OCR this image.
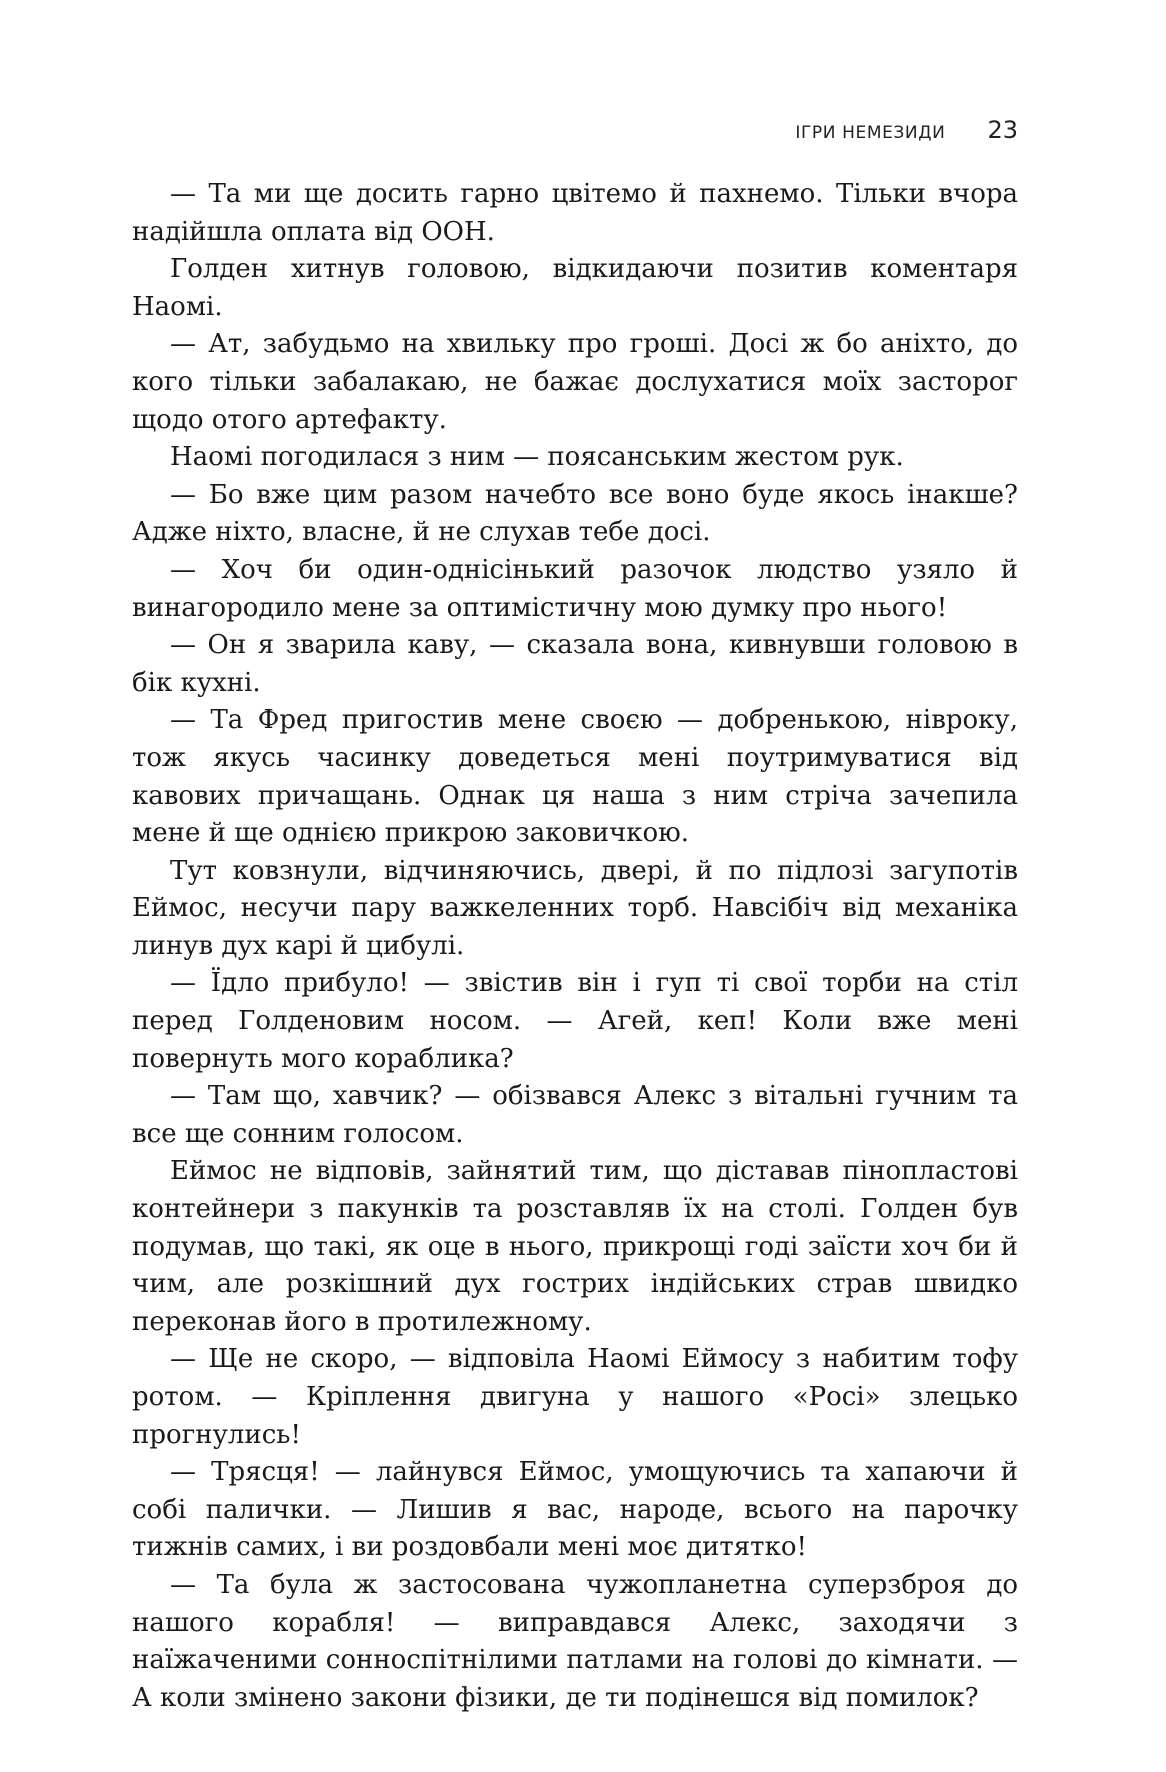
ІГРИ НЕМЕЗИДИ 23

— Та ми ще досить гарно цвітемо й пахнемо. Тільки вчора надійшла оплата від ООН.

Голден хитнув головою, відкидаючи позитив коментаря Наомі.

— Ат, забудьмо на хвильку про гроші. Досі ж бо аніхто, до кого тільки забалакаю, не бажає дослухатися моїх засторог щодо отого артефакту.

Наомі погодилася з ним — поясанським жестом рук.

— Бо вже цим разом начебто все воно буде якось інакше? Адже ніхто, власне, й не слухав тебе досі.

— Хоч би один-однісінький разочок людство узяло й винагородило мене за оптимістичну мою думку про нього!

— Он я зварила каву, — сказала вона, кивнувши головою в бік кухні.

— Та Фред пригостив мене своєю — добренькою, нівроку, тож якусь часинку доведеться мені поутримуватися від кавових причащань. Однак ця наша з ним стріча зачепила мене й ще однією прикрою заковичкою.

Тут ковзнули, відчиняючись, двері, й по підлозі загупотів Еймос, несучи пару важкеленних торб. Навсібіч від механіка линув дух карі й цибулі.

— Їдло прибуло! — звістив він і гуп ті свої торби на стіл перед Голденовим носом. — Агей, кеп! Коли вже мені повернуть мого кораблика?

— Там що, хавчик? — обізвався Алекс з вітальні гучним та все ще сонним голосом.

Еймос не відповів, зайнятий тим, що діставав пінопластові контейнери з пакунків та розставляв їх на столі. Голден був подумав, що такі, як оце в нього, прикрощі годі заїсти хоч би й чим, але розкішний дух гострих індійських страв швидко переконав його в протилежному.

— Ще не скоро, — відповіла Наомі Еймосу з набитим тофу ротом. — Кріплення двигуна у нашого «Росі» злецько прогнулись!

— Трясця! — лайнувся Еймос, умощуючись та хапаючи й собі палички. — Лишив я вас, народе, всього на парочку тижнів самих, і ви роздовбали мені моє дитятко!

— Та була ж застосована чужопланетна суперзброя до нашого корабля! — виправдався Алекс, заходячи з наїжаченими сонноспітнілими патлами на голові до кімнати. — А коли змінено закони фізики, де ти подінешся від помилок?
